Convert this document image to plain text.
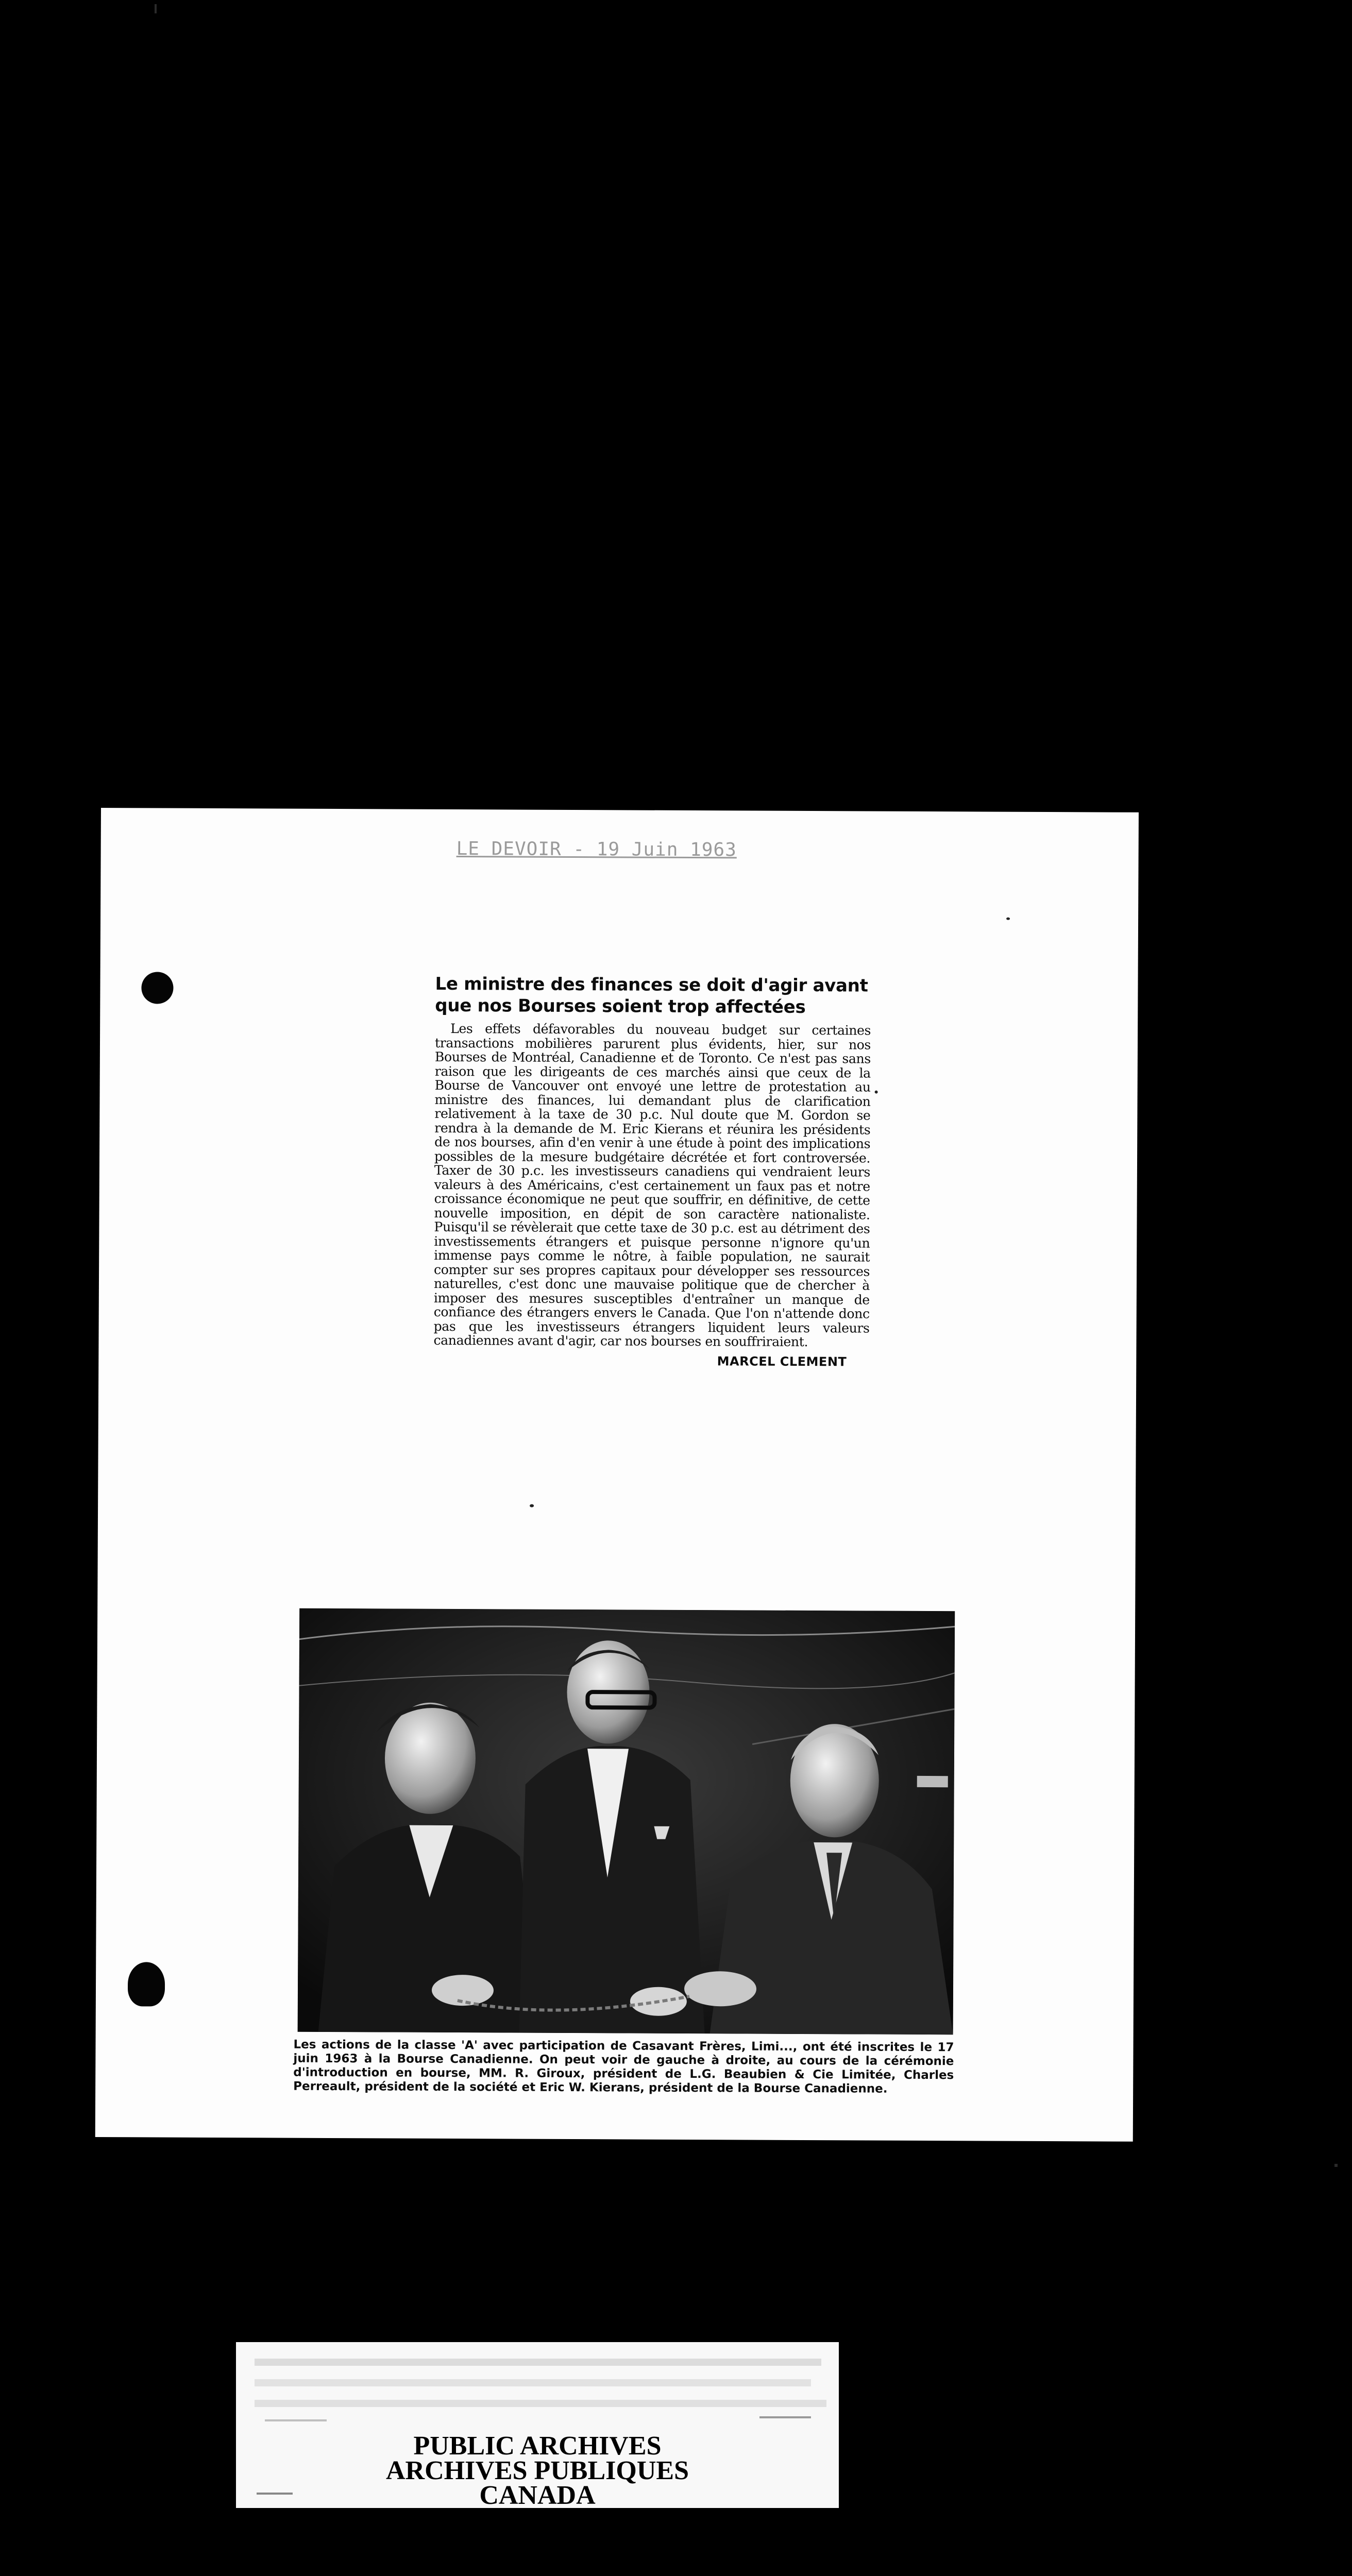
LE DEVOIR - 19 Juin 1963
Le ministre des finances se doit d'agir avant
que nos Bourses soient trop affectées

Les effets défavorables du nouveau budget sur certaines transactions mobilières parurent plus évidents, hier, sur nos Bourses de Montréal, Canadienne et de Toronto. Ce n'est pas sans raison que les dirigeants de ces marchés ainsi que ceux de la Bourse de Vancouver ont envoyé une lettre de protestation au ministre des finances, lui demandant plus de clarification relativement à la taxe de 30 p.c. Nul doute que M. Gordon se rendra à la demande de M. Eric Kierans et réunira les présidents de nos bourses, afin d'en venir à une étude à point des implications possibles de la mesure budgétaire décrétée et fort controversée. Taxer de 30 p.c. les investisseurs canadiens qui vendraient leurs valeurs à des Américains, c'est certainement un faux pas et notre croissance économique ne peut que souffrir, en définitive, de cette nouvelle imposition, en dépit de son caractère nationaliste. Puisqu'il se révèlerait que cette taxe de 30 p.c. est au détriment des investissements étrangers et puisque personne n'ignore qu'un immense pays comme le nôtre, à faible population, ne saurait compter sur ses propres capitaux pour développer ses ressources naturelles, c'est donc une mauvaise politique que de chercher à imposer des mesures susceptibles d'entraîner un manque de confiance des étrangers envers le Canada. Que l'on n'attende donc pas que les investisseurs étrangers liquident leurs valeurs canadiennes avant d'agir, car nos bourses en souffriraient.

MARCEL CLEMENT

Les actions de la classe 'A' avec participation de Casavant Frères, Limi..., ont été inscrites le 17 juin 1963 à la Bourse Canadienne. On peut voir de gauche à droite, au cours de la cérémonie d'introduction en bourse, MM. R. Giroux, président de L.G. Beaubien & Cie Limitée, Charles Perreault, président de la société et Eric W. Kierans, président de la Bourse Canadienne.

PUBLIC ARCHIVES
ARCHIVES PUBLIQUES
CANADA
